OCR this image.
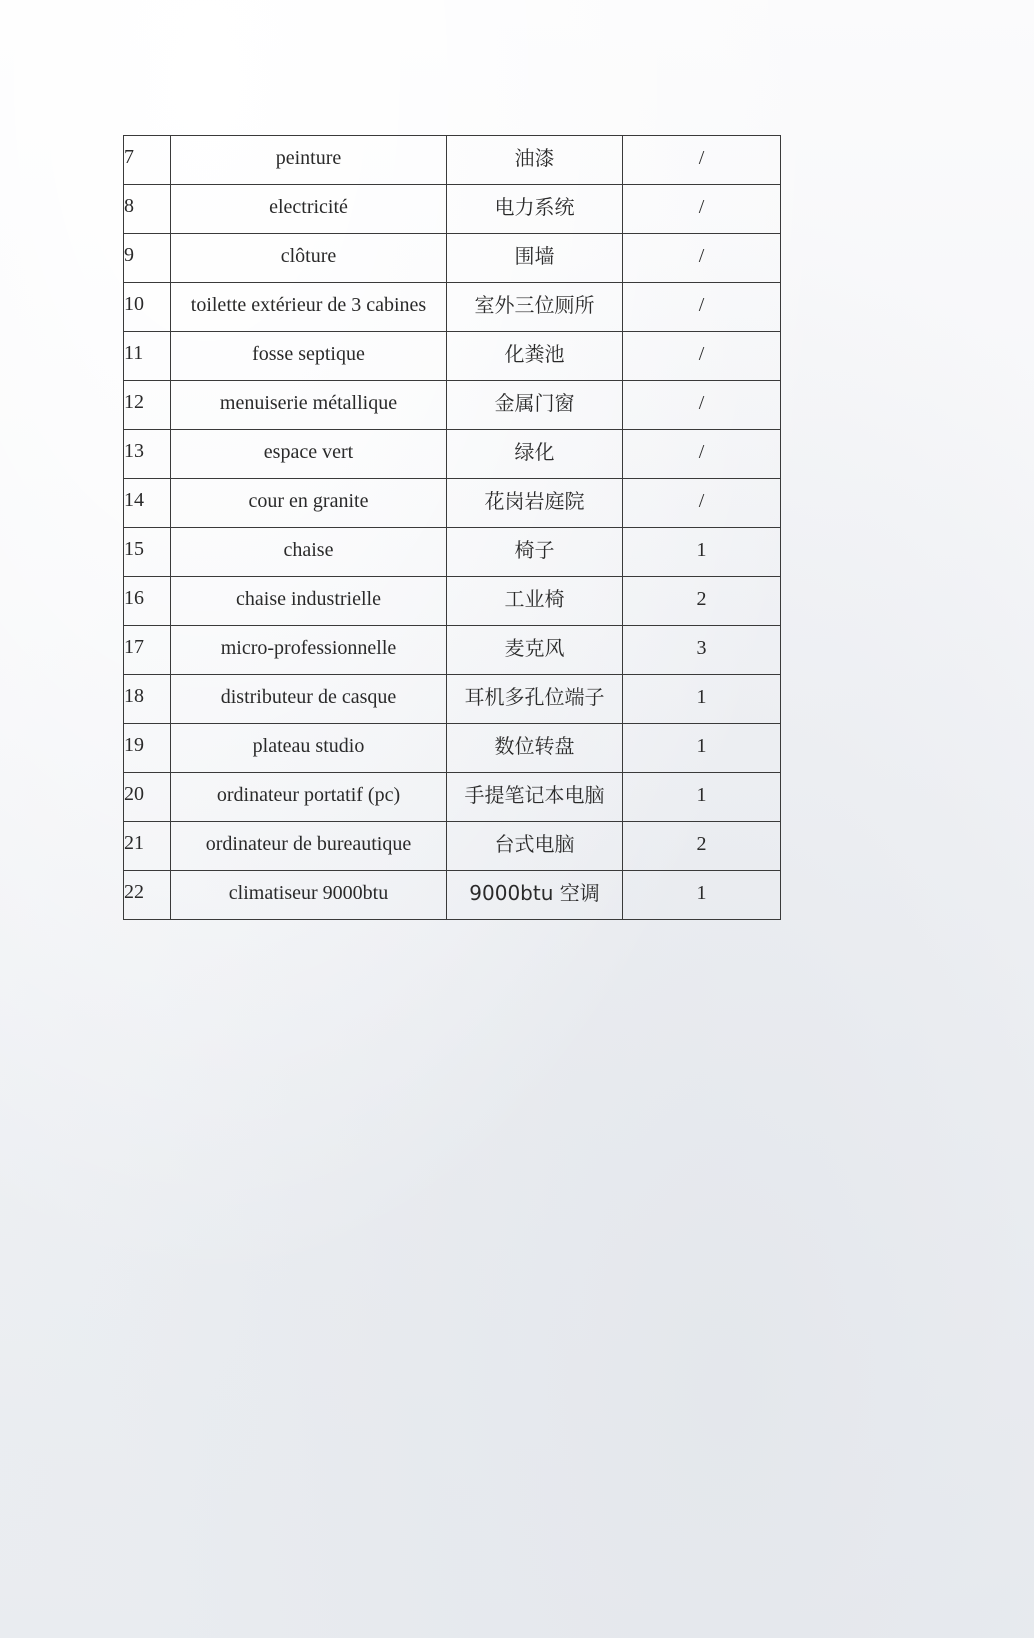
7	peinture	油漆	/
8	electricité	电力系统	/
9	clôture	围墙	/
10	toilette extérieur de 3 cabines	室外三位厕所	/
11	fosse septique	化粪池	/
12	menuiserie métallique	金属门窗	/
13	espace vert	绿化	/
14	cour en granite	花岗岩庭院	/
15	chaise	椅子	1
16	chaise industrielle	工业椅	2
17	micro-professionnelle	麦克风	3
18	distributeur de casque	耳机多孔位端子	1
19	plateau studio	数位转盘	1
20	ordinateur portatif (pc)	手提笔记本电脑	1
21	ordinateur de bureautique	台式电脑	2
22	climatiseur 9000btu	9000btu 空调	1
